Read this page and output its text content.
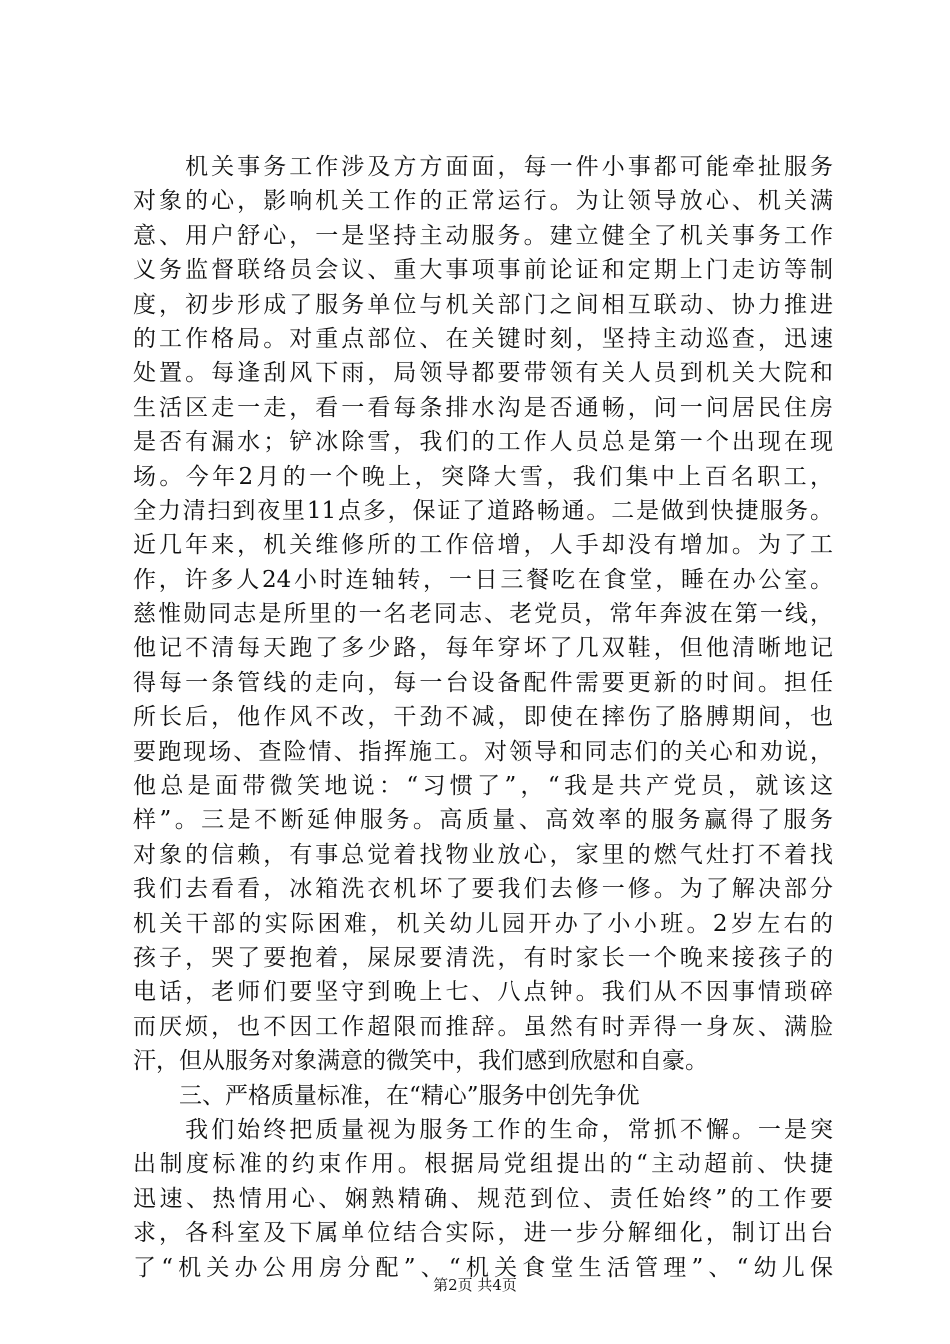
　　机关事务工作涉及方方面面，每一件小事都可能牵扯服务
对象的心，影响机关工作的正常运行。为让领导放心、机关满
意、用户舒心，一是坚持主动服务。建立健全了机关事务工作
义务监督联络员会议、重大事项事前论证和定期上门走访等制
度，初步形成了服务单位与机关部门之间相互联动、协力推进
的工作格局。对重点部位、在关键时刻，坚持主动巡查，迅速
处置。每逢刮风下雨，局领导都要带领有关人员到机关大院和
生活区走一走，看一看每条排水沟是否通畅，问一问居民住房
是否有漏水；铲冰除雪，我们的工作人员总是第一个出现在现
场。今年2月的一个晚上，突降大雪，我们集中上百名职工，
全力清扫到夜里11点多，保证了道路畅通。二是做到快捷服务。
近几年来，机关维修所的工作倍增，人手却没有增加。为了工
作，许多人24小时连轴转，一日三餐吃在食堂，睡在办公室。
慈惟勋同志是所里的一名老同志、老党员，常年奔波在第一线，
他记不清每天跑了多少路，每年穿坏了几双鞋，但他清晰地记
得每一条管线的走向，每一台设备配件需要更新的时间。担任
所长后，他作风不改，干劲不减，即使在摔伤了胳膊期间，也
要跑现场、查险情、指挥施工。对领导和同志们的关心和劝说，
他总是面带微笑地说：“习惯了”，“我是共产党员，就该这
样”。三是不断延伸服务。高质量、高效率的服务赢得了服务
对象的信赖，有事总觉着找物业放心，家里的燃气灶打不着找
我们去看看，冰箱洗衣机坏了要我们去修一修。为了解决部分
机关干部的实际困难，机关幼儿园开办了小小班。2岁左右的
孩子，哭了要抱着，屎尿要清洗，有时家长一个晚来接孩子的
电话，老师们要坚守到晚上七、八点钟。我们从不因事情琐碎
而厌烦，也不因工作超限而推辞。虽然有时弄得一身灰、满脸
汗，但从服务对象满意的微笑中，我们感到欣慰和自豪。
　　三、严格质量标准，在“精心”服务中创先争优
　　我们始终把质量视为服务工作的生命，常抓不懈。一是突
出制度标准的约束作用。根据局党组提出的“主动超前、快捷
迅速、热情用心、娴熟精确、规范到位、责任始终”的工作要
求，各科室及下属单位结合实际，进一步分解细化，制订出台
了“机关办公用房分配”、“机关食堂生活管理”、“幼儿保
第2页 共4页
